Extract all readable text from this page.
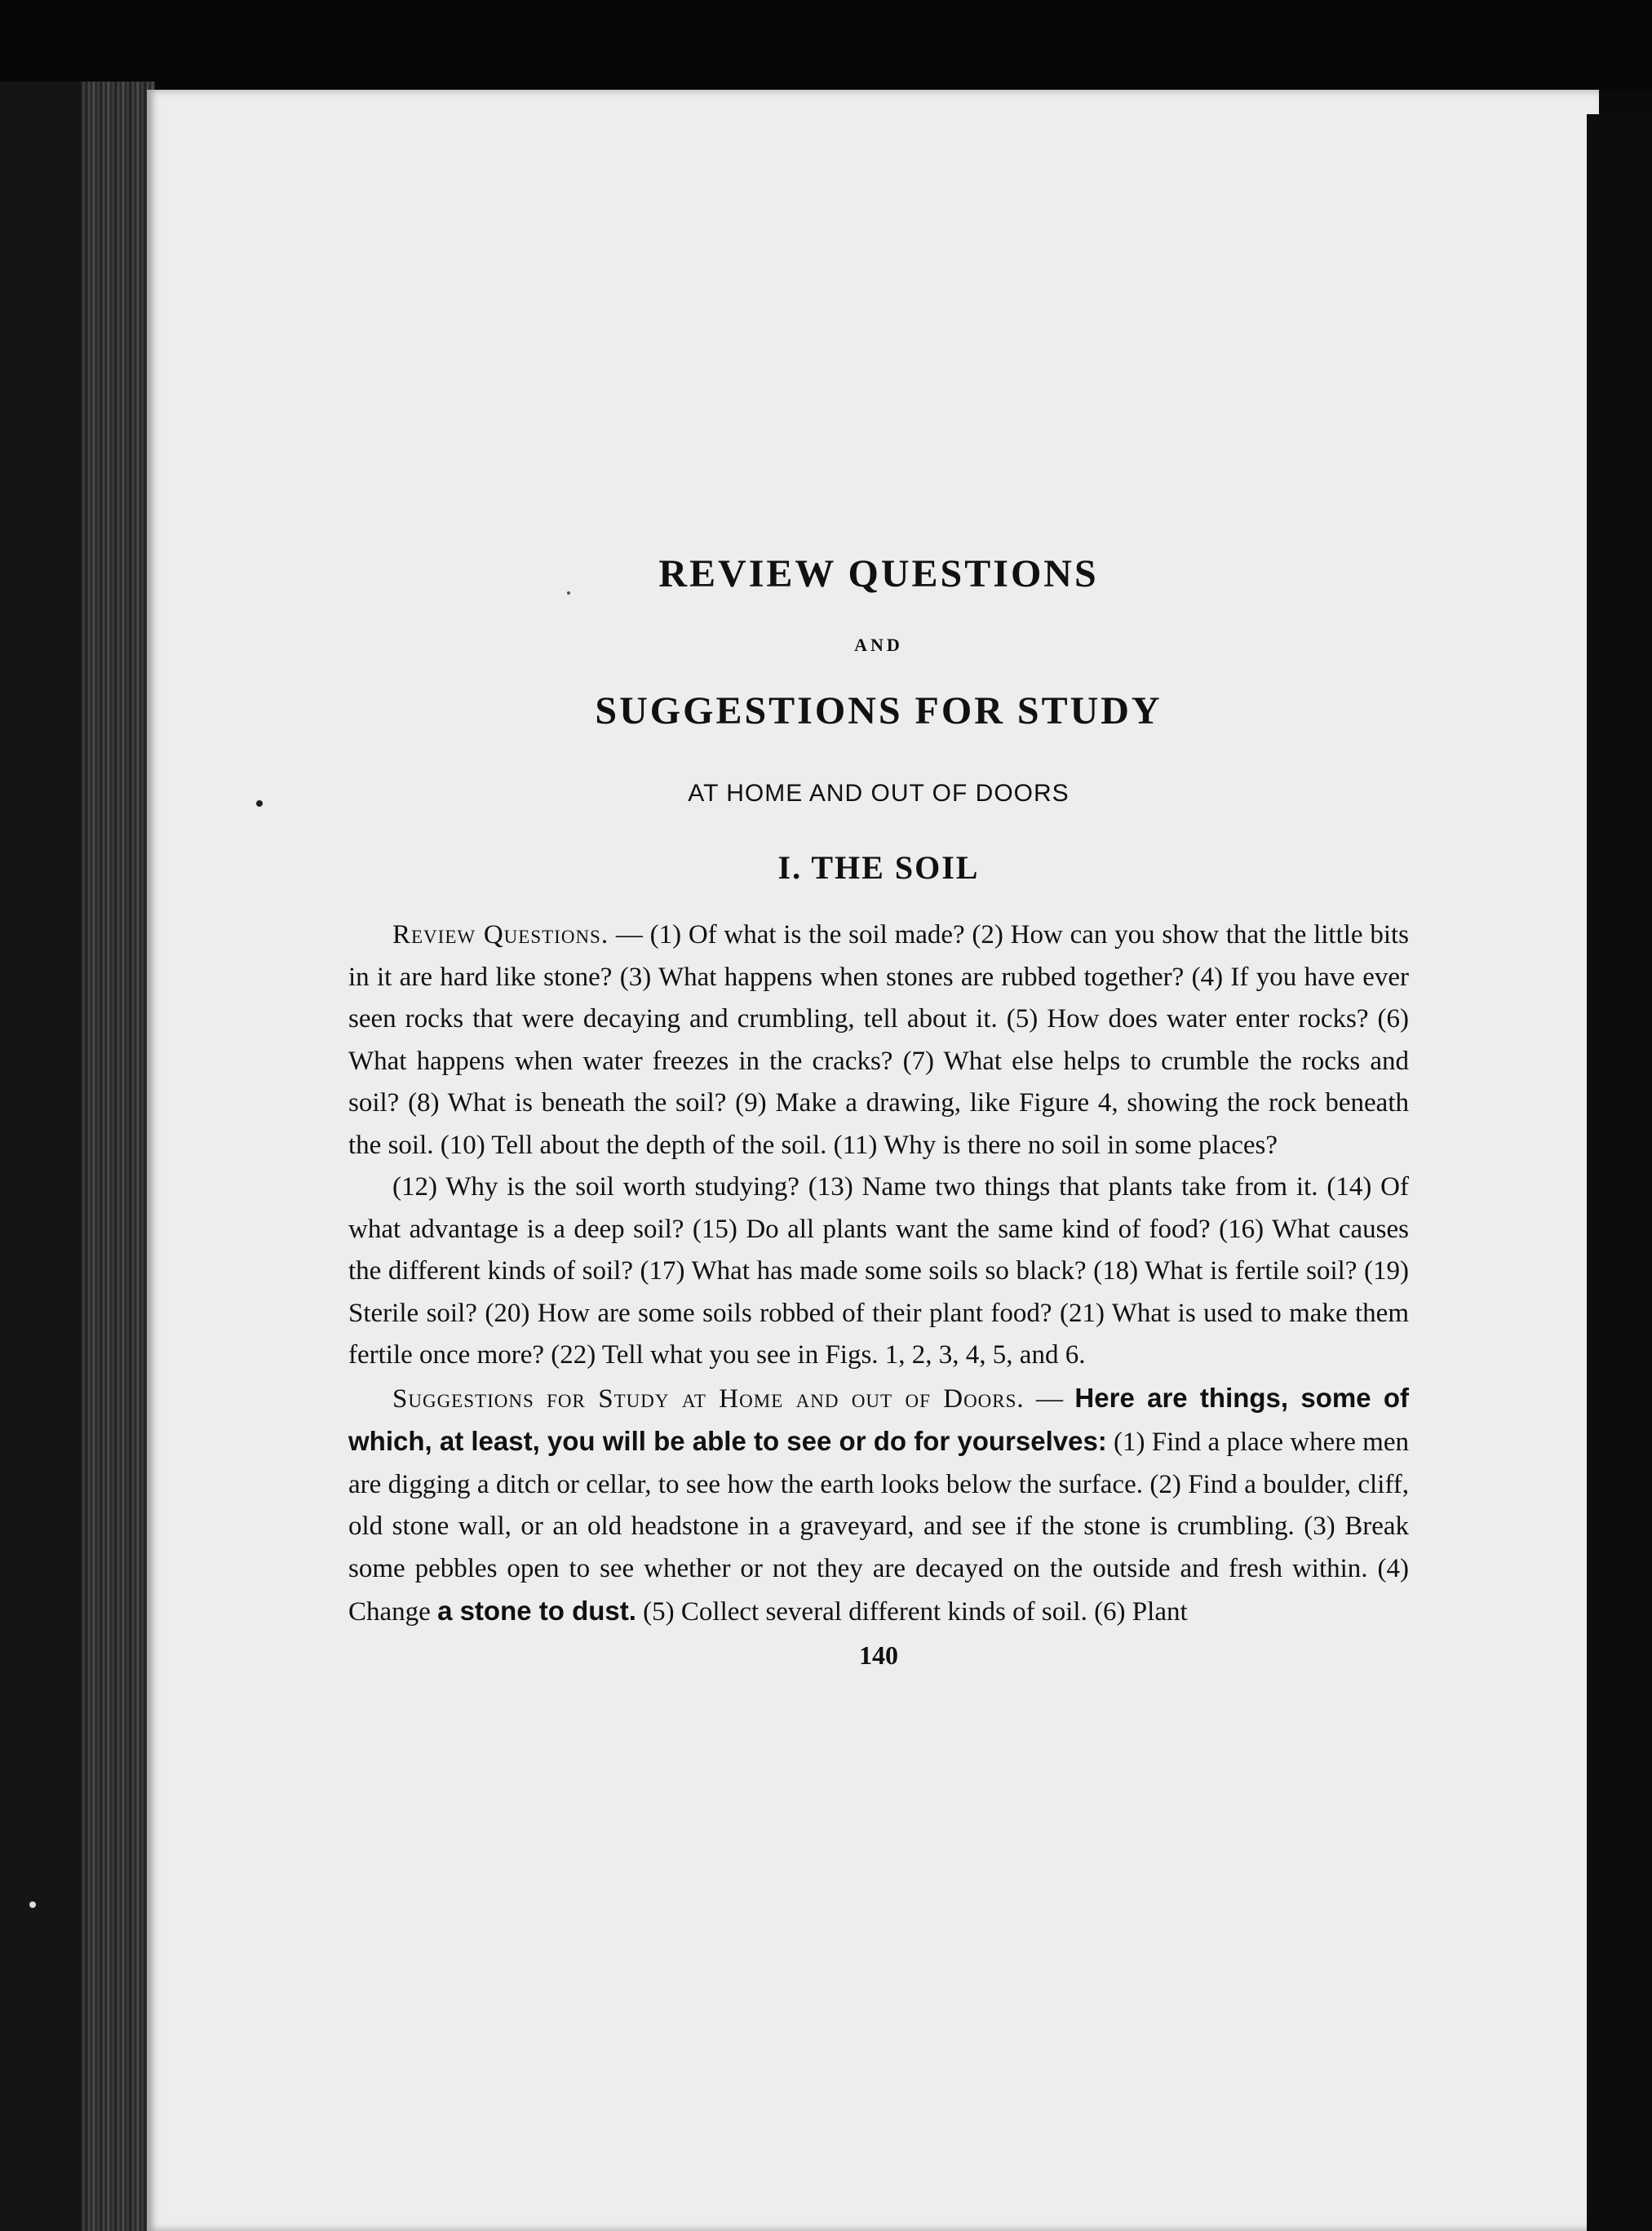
REVIEW QUESTIONS
AND
SUGGESTIONS FOR STUDY
AT HOME AND OUT OF DOORS
I. THE SOIL

Review Questions. — (1) Of what is the soil made? (2) How can you show that the little bits in it are hard like stone? (3) What happens when stones are rubbed together? (4) If you have ever seen rocks that were decaying and crumbling, tell about it. (5) How does water enter rocks? (6) What happens when water freezes in the cracks? (7) What else helps to crumble the rocks and soil? (8) What is beneath the soil? (9) Make a drawing, like Figure 4, showing the rock beneath the soil. (10) Tell about the depth of the soil. (11) Why is there no soil in some places?

(12) Why is the soil worth studying? (13) Name two things that plants take from it. (14) Of what advantage is a deep soil? (15) Do all plants want the same kind of food? (16) What causes the different kinds of soil? (17) What has made some soils so black? (18) What is fertile soil? (19) Sterile soil? (20) How are some soils robbed of their plant food? (21) What is used to make them fertile once more? (22) Tell what you see in Figs. 1, 2, 3, 4, 5, and 6.

Suggestions for Study at Home and out of Doors. — Here are things, some of which, at least, you will be able to see or do for yourselves: (1) Find a place where men are digging a ditch or cellar, to see how the earth looks below the surface. (2) Find a boulder, cliff, old stone wall, or an old headstone in a graveyard, and see if the stone is crumbling. (3) Break some pebbles open to see whether or not they are decayed on the outside and fresh within. (4) Change a stone to dust. (5) Collect several different kinds of soil. (6) Plant

140
